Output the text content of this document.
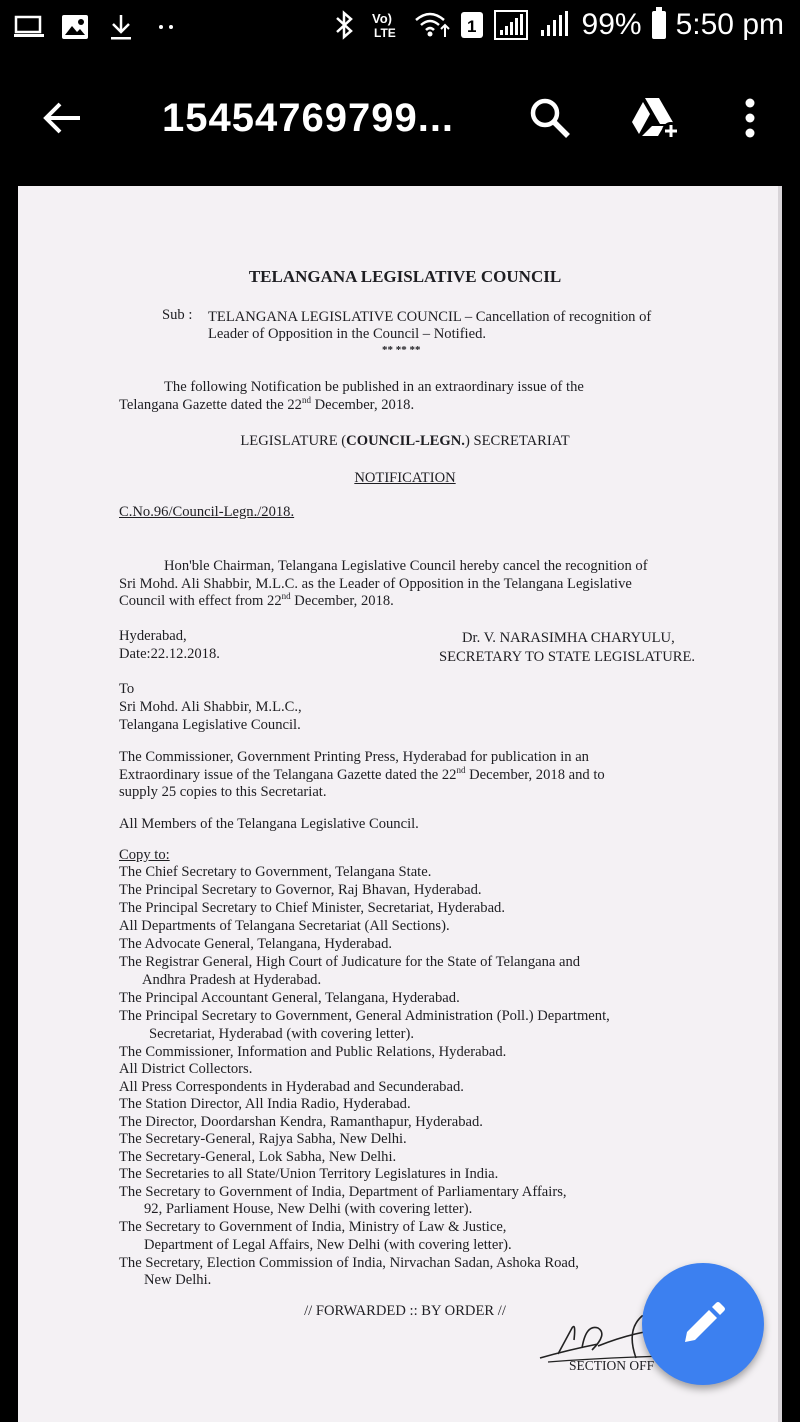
Vo)
LTE	1	99% 5:50 pm
15454769799...
TELANGANA LEGISLATIVE COUNCIL
Sub : TELANGANA LEGISLATIVE COUNCIL – Cancellation of recognition of
Leader of Opposition in the Council – Notified.
** ** **
The following Notification be published in an extraordinary issue of the
Telangana Gazette dated the 22nd December, 2018.
LEGISLATURE (COUNCIL-LEGN.) SECRETARIAT
NOTIFICATION
C.No.96/Council-Legn./2018.
Hon'ble Chairman, Telangana Legislative Council hereby cancel the recognition of
Sri Mohd. Ali Shabbir, M.L.C. as the Leader of Opposition in the Telangana Legislative
Council with effect from 22nd December, 2018.
Hyderabad,
Date:22.12.2018.
Dr. V. NARASIMHA CHARYULU,
SECRETARY TO STATE LEGISLATURE.
To
Sri Mohd. Ali Shabbir, M.L.C.,
Telangana Legislative Council.
The Commissioner, Government Printing Press, Hyderabad for publication in an
Extraordinary issue of the Telangana Gazette dated the 22nd December, 2018 and to
supply 25 copies to this Secretariat.
All Members of the Telangana Legislative Council.
Copy to:
The Chief Secretary to Government, Telangana State.
The Principal Secretary to Governor, Raj Bhavan, Hyderabad.
The Principal Secretary to Chief Minister, Secretariat, Hyderabad.
All Departments of Telangana Secretariat (All Sections).
The Advocate General, Telangana, Hyderabad.
The Registrar General, High Court of Judicature for the State of Telangana and
Andhra Pradesh at Hyderabad.
The Principal Accountant General, Telangana, Hyderabad.
The Principal Secretary to Government, General Administration (Poll.) Department,
Secretariat, Hyderabad (with covering letter).
The Commissioner, Information and Public Relations, Hyderabad.
All District Collectors.
All Press Correspondents in Hyderabad and Secunderabad.
The Station Director, All India Radio, Hyderabad.
The Director, Doordarshan Kendra, Ramanthapur, Hyderabad.
The Secretary-General, Rajya Sabha, New Delhi.
The Secretary-General, Lok Sabha, New Delhi.
The Secretaries to all State/Union Territory Legislatures in India.
The Secretary to Government of India, Department of Parliamentary Affairs,
92, Parliament House, New Delhi (with covering letter).
The Secretary to Government of India, Ministry of Law & Justice,
Department of Legal Affairs, New Delhi (with covering letter).
The Secretary, Election Commission of India, Nirvachan Sadan, Ashoka Road,
New Delhi.
// FORWARDED :: BY ORDER //
SECTION OFF
